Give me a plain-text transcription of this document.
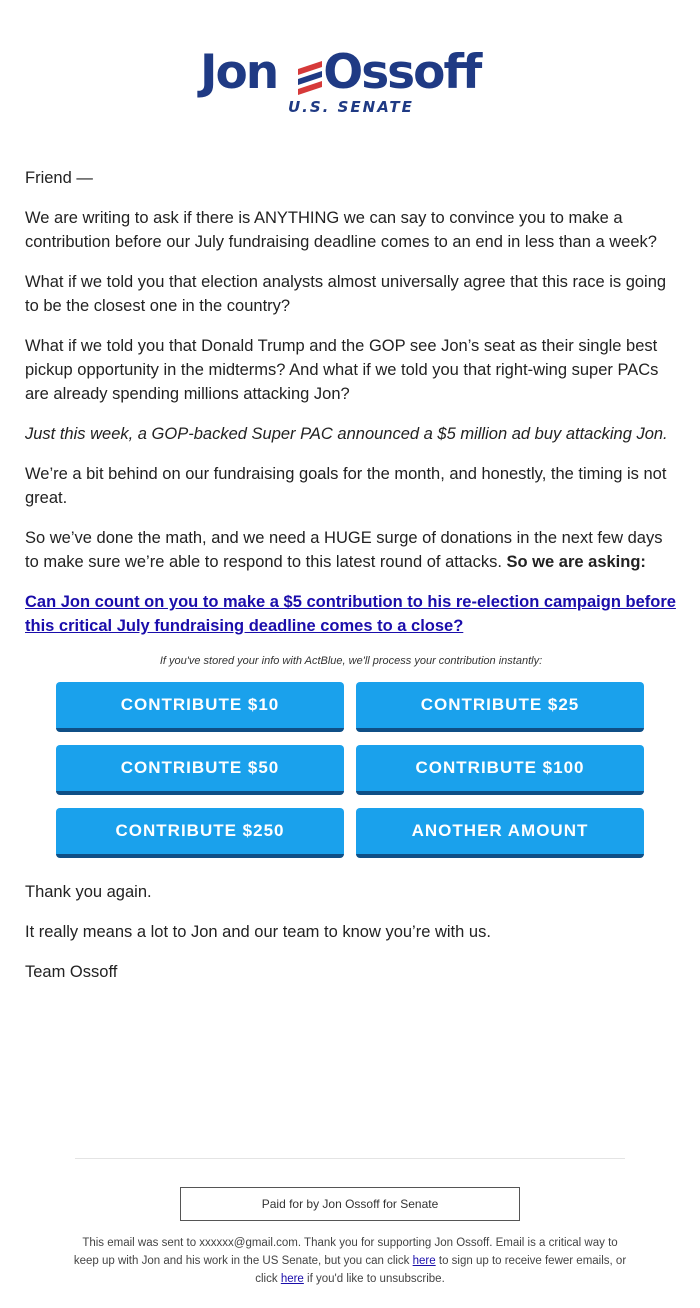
Jon Ossoff
U.S. SENATE

Friend —

We are writing to ask if there is ANYTHING we can say to convince you to make a contribution before our July fundraising deadline comes to an end in less than a week?

What if we told you that election analysts almost universally agree that this race is going to be the closest one in the country?

What if we told you that Donald Trump and the GOP see Jon’s seat as their single best pickup opportunity in the midterms? And what if we told you that right-wing super PACs are already spending millions attacking Jon?

Just this week, a GOP-backed Super PAC announced a $5 million ad buy attacking Jon.

We’re a bit behind on our fundraising goals for the month, and honestly, the timing is not great.

So we’ve done the math, and we need a HUGE surge of donations in the next few days to make sure we’re able to respond to this latest round of attacks. So we are asking:

Can Jon count on you to make a $5 contribution to his re-election campaign before this critical July fundraising deadline comes to a close?

If you've stored your info with ActBlue, we'll process your contribution instantly:
CONTRIBUTE $10	CONTRIBUTE $25
CONTRIBUTE $50	CONTRIBUTE $100
CONTRIBUTE $250	ANOTHER AMOUNT

Thank you again.

It really means a lot to Jon and our team to know you’re with us.

Team Ossoff

Paid for by Jon Ossoff for Senate
This email was sent to xxxxxx@gmail.com. Thank you for supporting Jon Ossoff. Email is a critical way to keep up with Jon and his work in the US Senate, but you can click here to sign up to receive fewer emails, or click here if you'd like to unsubscribe.
